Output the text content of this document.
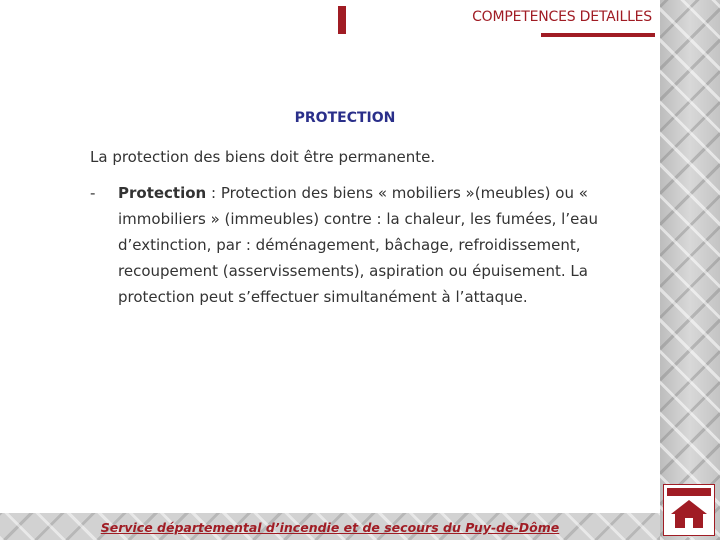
COMPETENCES DETAILLES
PROTECTION
La protection des biens doit être permanente.
- Protection : Protection des biens « mobiliers »(meubles) ou « immobiliers » (immeubles) contre : la chaleur, les fumées, l’eau d’extinction, par : déménagement, bâchage, refroidissement, recoupement (asservissements), aspiration ou épuisement. La protection peut s’effectuer simultanément à l’attaque.
Service départemental d’incendie et de secours du Puy-de-Dôme
